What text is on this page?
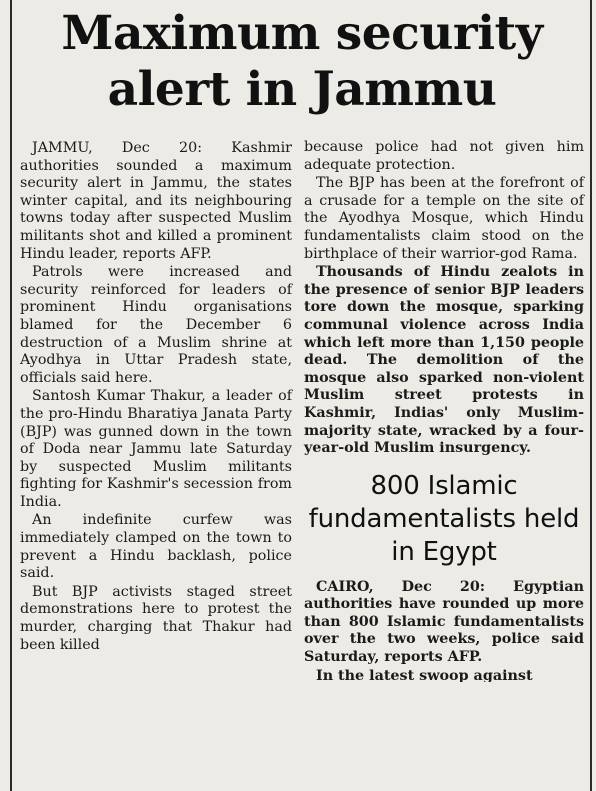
Maximum security alert in Jammu

JAMMU, Dec 20: Kashmir authorities sounded a maximum security alert in Jammu, the states winter capital, and its neighbouring towns today after suspected Muslim militants shot and killed a prominent Hindu leader, reports AFP.

Patrols were increased and security reinforced for leaders of prominent Hindu organisations blamed for the December 6 destruction of a Muslim shrine at Ayodhya in Uttar Pradesh state, officials said here.

Santosh Kumar Thakur, a leader of the pro-Hindu Bharatiya Janata Party (BJP) was gunned down in the town of Doda near Jammu late Saturday by suspected Muslim militants fighting for Kashmir's secession from India.

An indefinite curfew was immediately clamped on the town to prevent a Hindu backlash, police said.

But BJP activists staged street demonstrations here to protest the murder, charging that Thakur had been killed

because police had not given him adequate protection.

The BJP has been at the forefront of a crusade for a temple on the site of the Ayodhya Mosque, which Hindu fundamentalists claim stood on the birthplace of their warrior-god Rama.

Thousands of Hindu zealots in the presence of senior BJP leaders tore down the mosque, sparking communal violence across India which left more than 1,150 people dead. The demolition of the mosque also sparked non-violent Muslim street protests in Kashmir, Indias' only Muslim-majority state, wracked by a four-year-old Muslim insurgency.

800 Islamic fundamentalists held in Egypt

CAIRO, Dec 20: Egyptian authorities have rounded up more than 800 Islamic fundamentalists over the two weeks, police said Saturday, reports AFP.

In the latest swoop against
